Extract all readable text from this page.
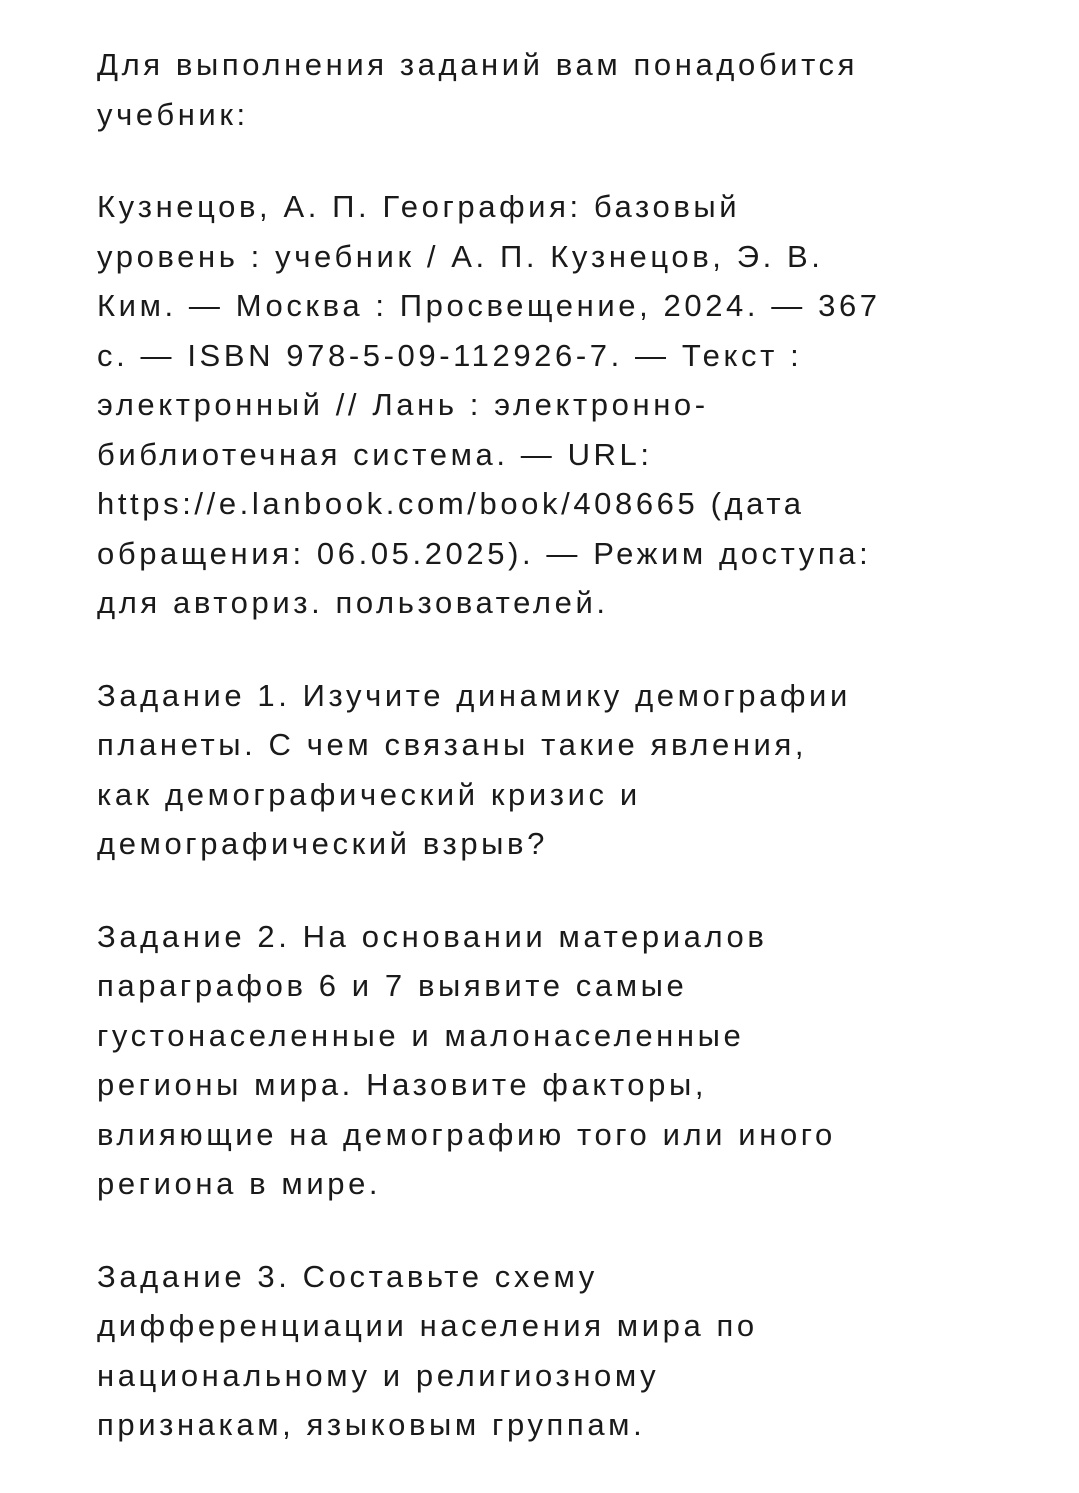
Для выполнения заданий вам понадобится
учебник:

Кузнецов, А. П. География: базовый
уровень : учебник / А. П. Кузнецов, Э. В.
Ким. — Москва : Просвещение, 2024. — 367
с. — ISBN 978-5-09-112926-7. — Текст :
электронный // Лань : электронно-
библиотечная система. — URL:
https://e.lanbook.com/book/408665 (дата
обращения: 06.05.2025). — Режим доступа:
для авториз. пользователей.

Задание 1. Изучите динамику демографии
планеты. С чем связаны такие явления,
как демографический кризис и
демографический взрыв?

Задание 2. На основании материалов
параграфов 6 и 7 выявите самые
густонаселенные и малонаселенные
регионы мира. Назовите факторы,
влияющие на демографию того или иного
региона в мире.

Задание 3. Составьте схему
дифференциации населения мира по
национальному и религиозному
признакам, языковым группам.
